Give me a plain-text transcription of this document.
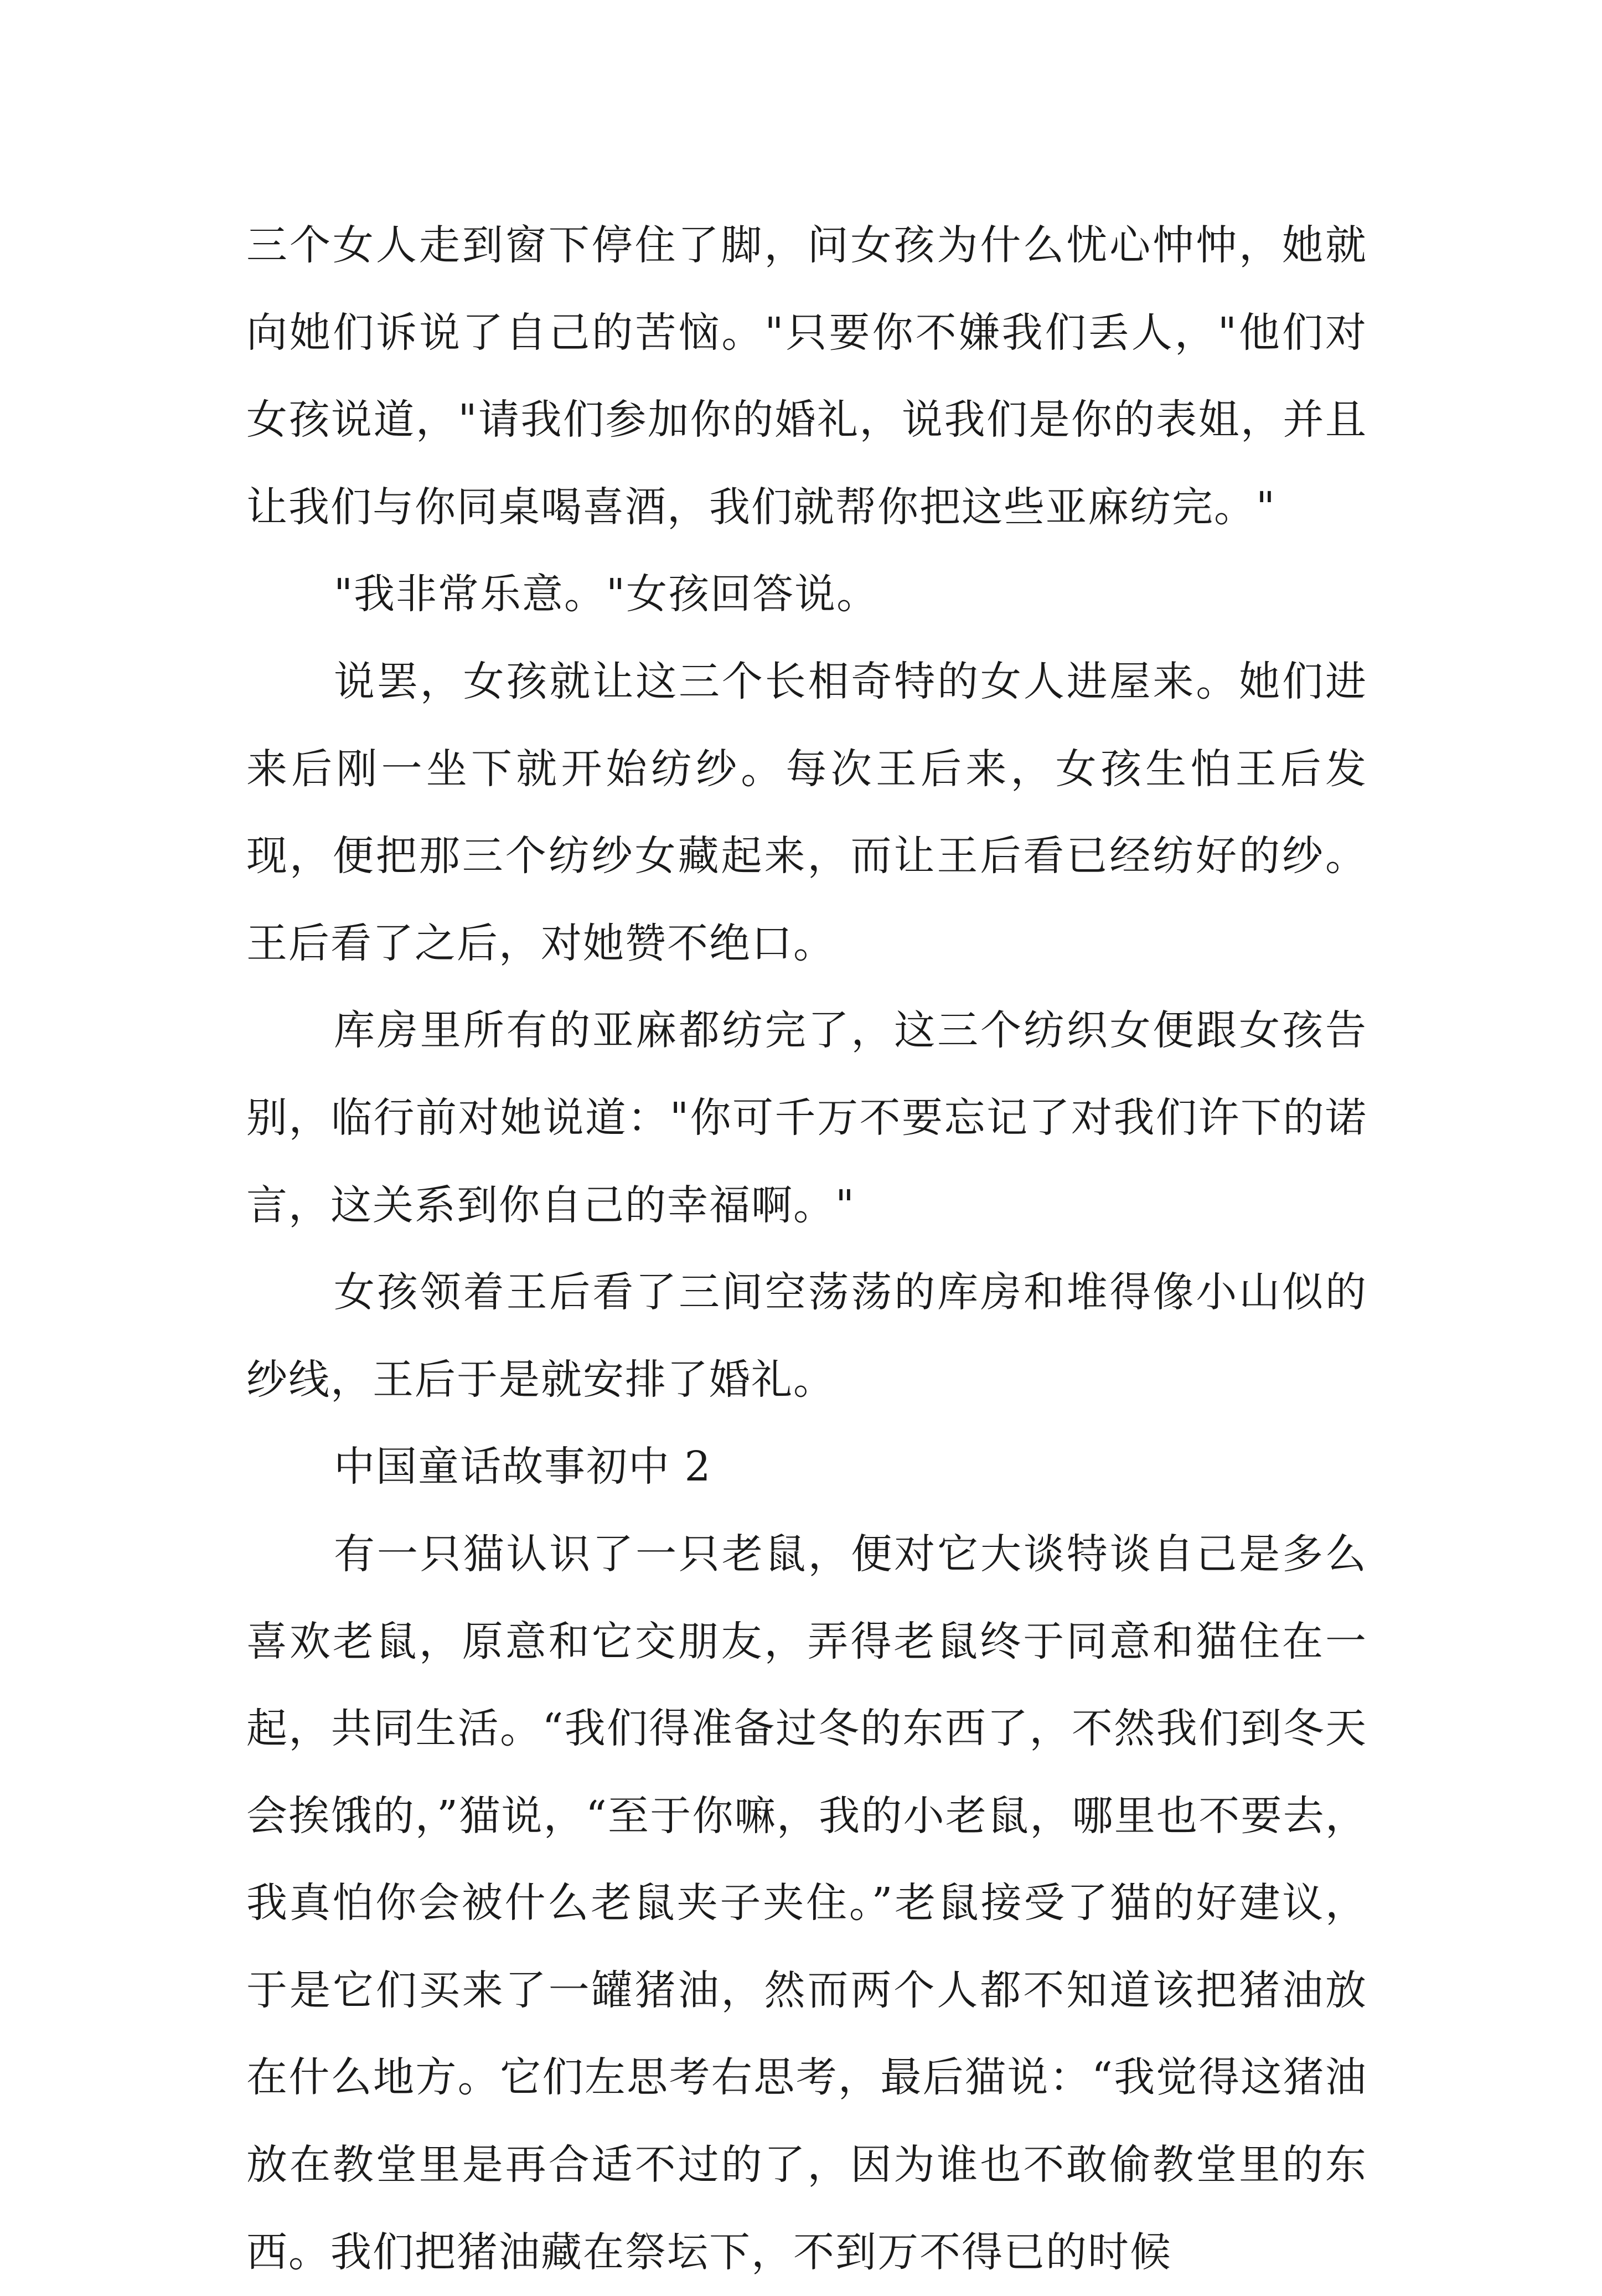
三个女人走到窗下停住了脚，问女孩为什么忧心忡忡，她就向她们诉说了自己的苦恼。"只要你不嫌我们丢人，"他们对女孩说道，"请我们参加你的婚礼，说我们是你的表姐，并且让我们与你同桌喝喜酒，我们就帮你把这些亚麻纺完。"

"我非常乐意。"女孩回答说。

说罢，女孩就让这三个长相奇特的女人进屋来。她们进来后刚一坐下就开始纺纱。每次王后来，女孩生怕王后发现，便把那三个纺纱女藏起来，而让王后看已经纺好的纱。王后看了之后，对她赞不绝口。

库房里所有的亚麻都纺完了，这三个纺织女便跟女孩告别，临行前对她说道："你可千万不要忘记了对我们许下的诺言，这关系到你自己的幸福啊。"

女孩领着王后看了三间空荡荡的库房和堆得像小山似的纱线，王后于是就安排了婚礼。

中国童话故事初中 2

有一只猫认识了一只老鼠，便对它大谈特谈自己是多么喜欢老鼠，原意和它交朋友，弄得老鼠终于同意和猫住在一起，共同生活。“我们得准备过冬的东西了，不然我们到冬天会挨饿的，”猫说，“至于你嘛，我的小老鼠，哪里也不要去，我真怕你会被什么老鼠夹子夹住。”老鼠接受了猫的好建议，于是它们买来了一罐猪油，然而两个人都不知道该把猪油放在什么地方。它们左思考右思考，最后猫说：“我觉得这猪油放在教堂里是再合适不过的了，因为谁也不敢偷教堂里的东西。我们把猪油藏在祭坛下，不到万不得已的时候
